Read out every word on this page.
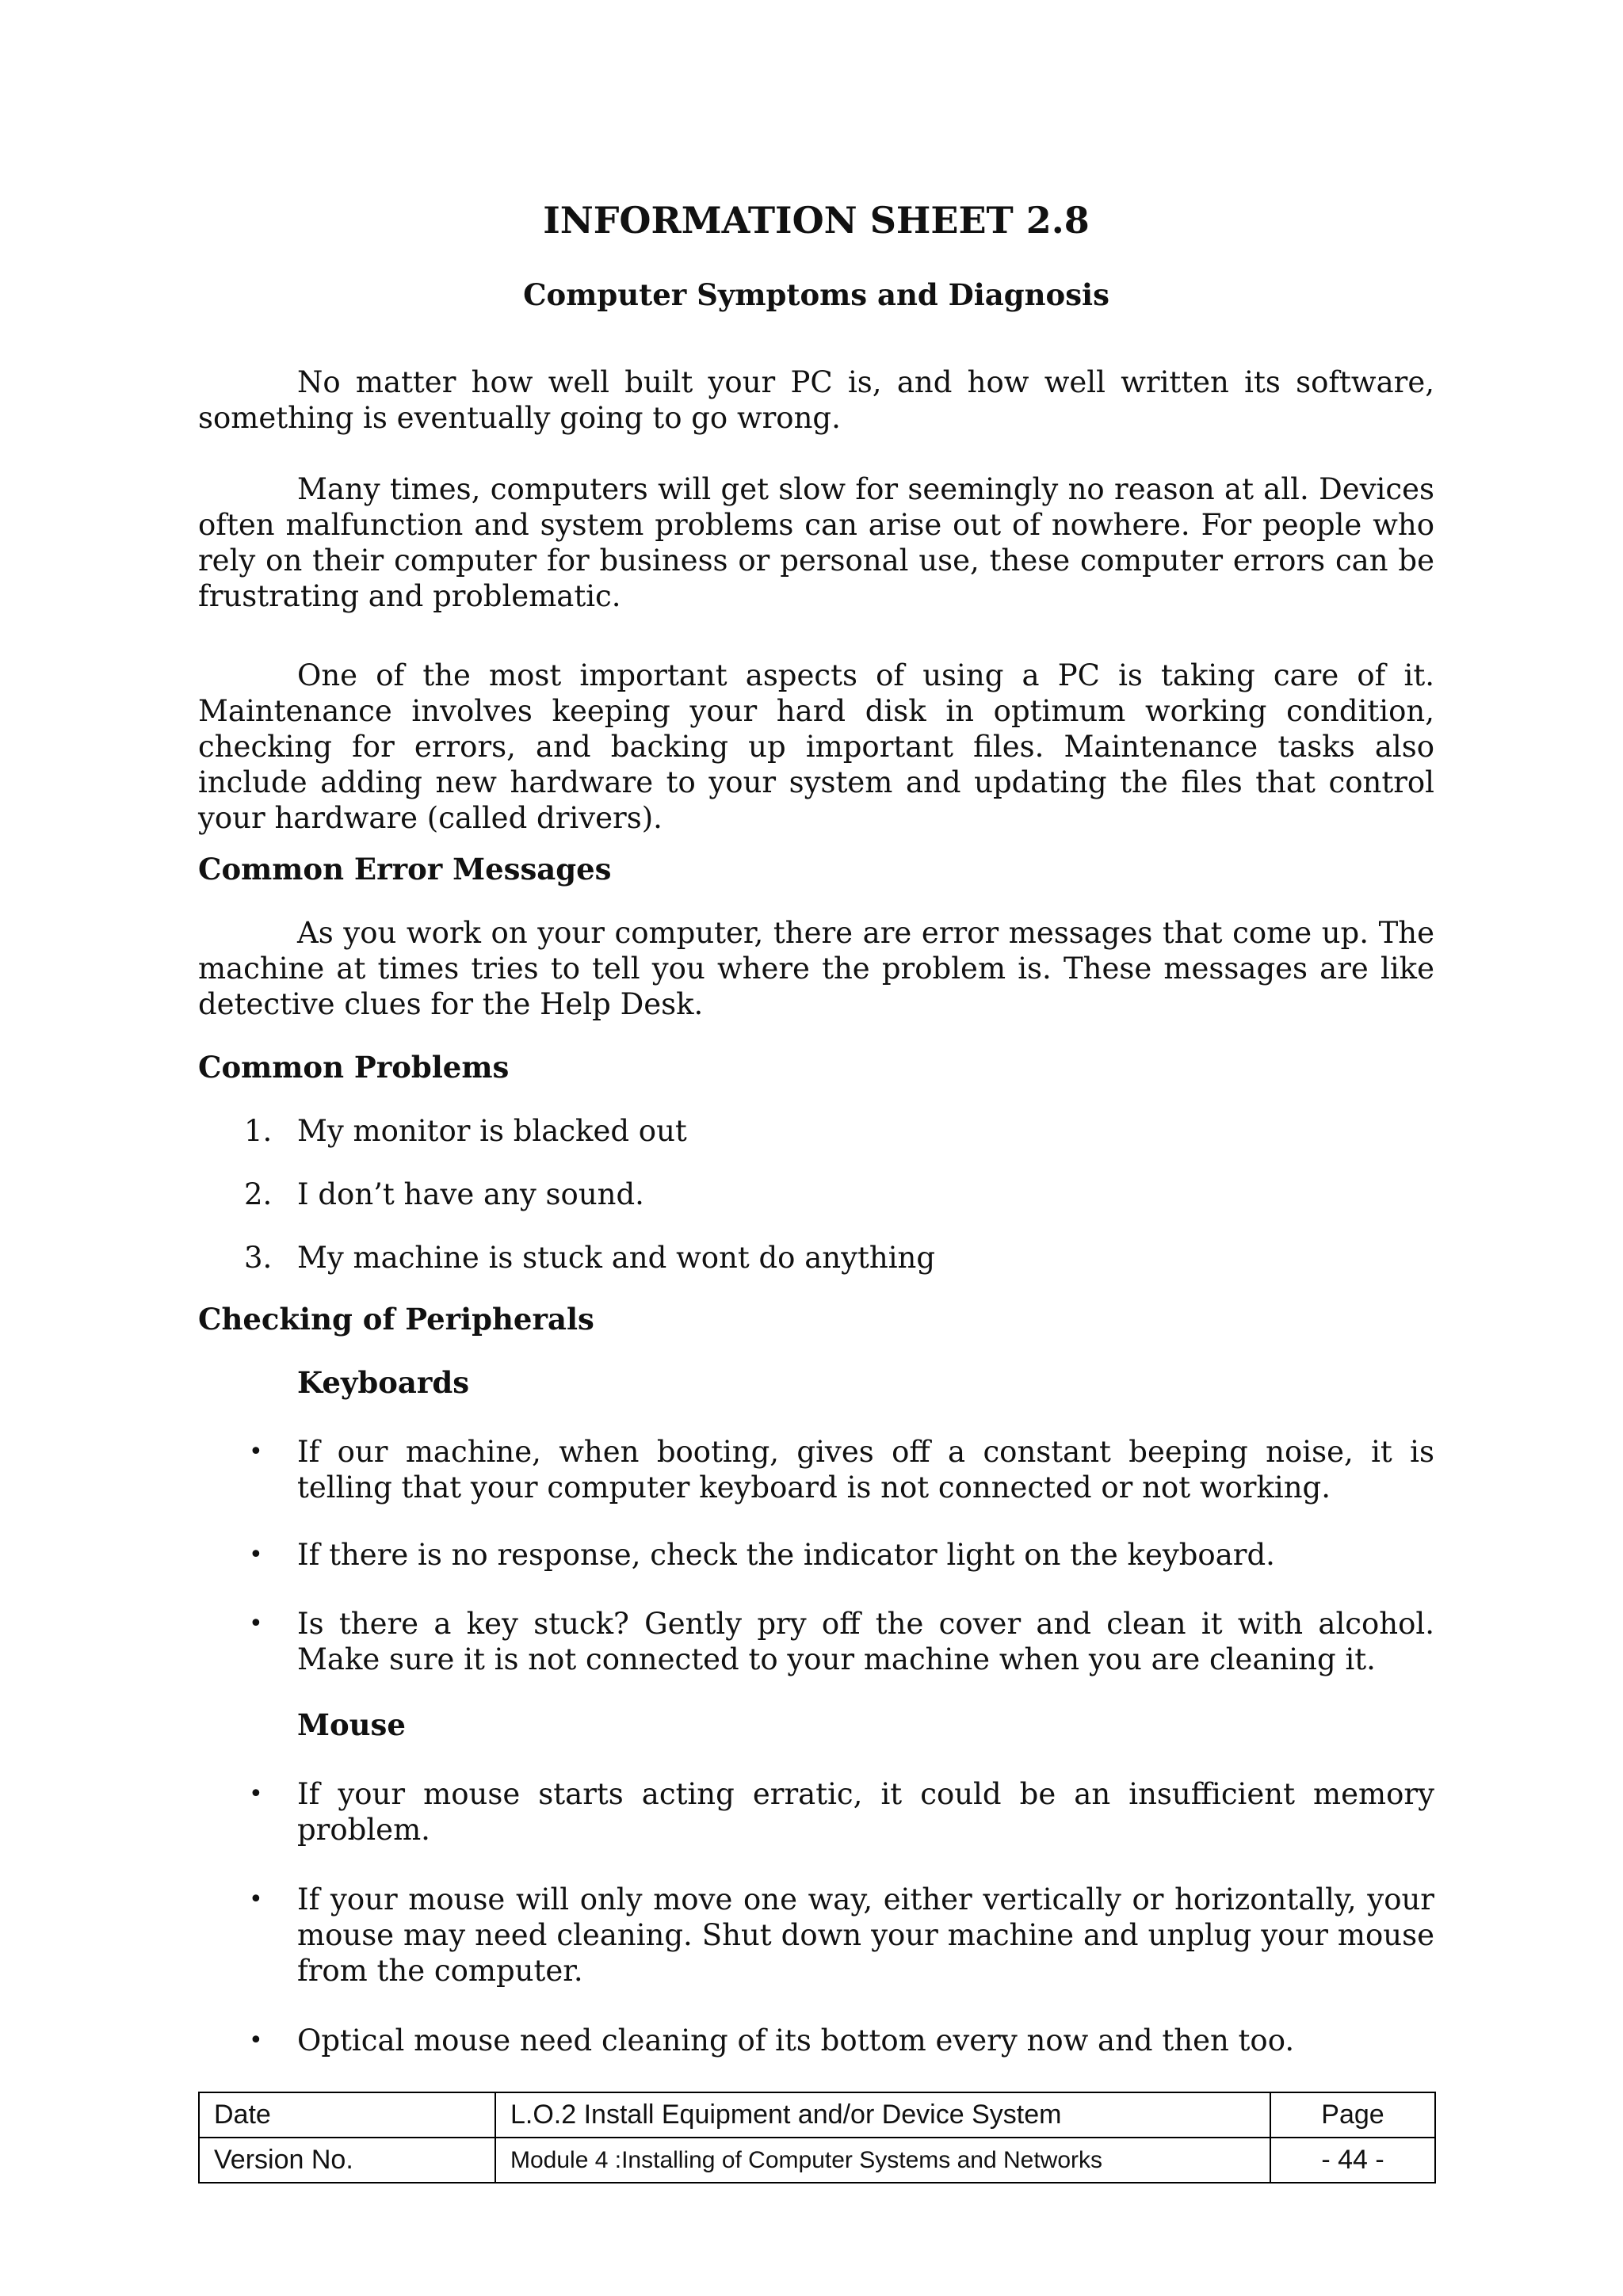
INFORMATION SHEET 2.8
Computer Symptoms and Diagnosis

No matter how well built your PC is, and how well written its software, something is eventually going to go wrong.

Many times, computers will get slow for seemingly no reason at all. Devices often malfunction and system problems can arise out of nowhere. For people who rely on their computer for business or personal use, these computer errors can be frustrating and problematic.

One of the most important aspects of using a PC is taking care of it. Maintenance involves keeping your hard disk in optimum working condition, checking for errors, and backing up important files. Maintenance tasks also include adding new hardware to your system and updating the files that control your hardware (called drivers).

Common Error Messages

As you work on your computer, there are error messages that come up. The machine at times tries to tell you where the problem is. These messages are like detective clues for the Help Desk.

Common Problems

1. My monitor is blacked out
2. I don’t have any sound.
3. My machine is stuck and wont do anything

Checking of Peripherals

Keyboards

• If our machine, when booting, gives off a constant beeping noise, it is telling that your computer keyboard is not connected or not working.
• If there is no response, check the indicator light on the keyboard.
• Is there a key stuck? Gently pry off the cover and clean it with alcohol. Make sure it is not connected to your machine when you are cleaning it.

Mouse

• If your mouse starts acting erratic, it could be an insufficient memory problem.
• If your mouse will only move one way, either vertically or horizontally, your mouse may need cleaning. Shut down your machine and unplug your mouse from the computer.
• Optical mouse need cleaning of its bottom every now and then too.
Date	L.O.2 Install Equipment and/or Device System	Page
Version No.	Module 4 :Installing of Computer Systems and Networks	- 44 -
